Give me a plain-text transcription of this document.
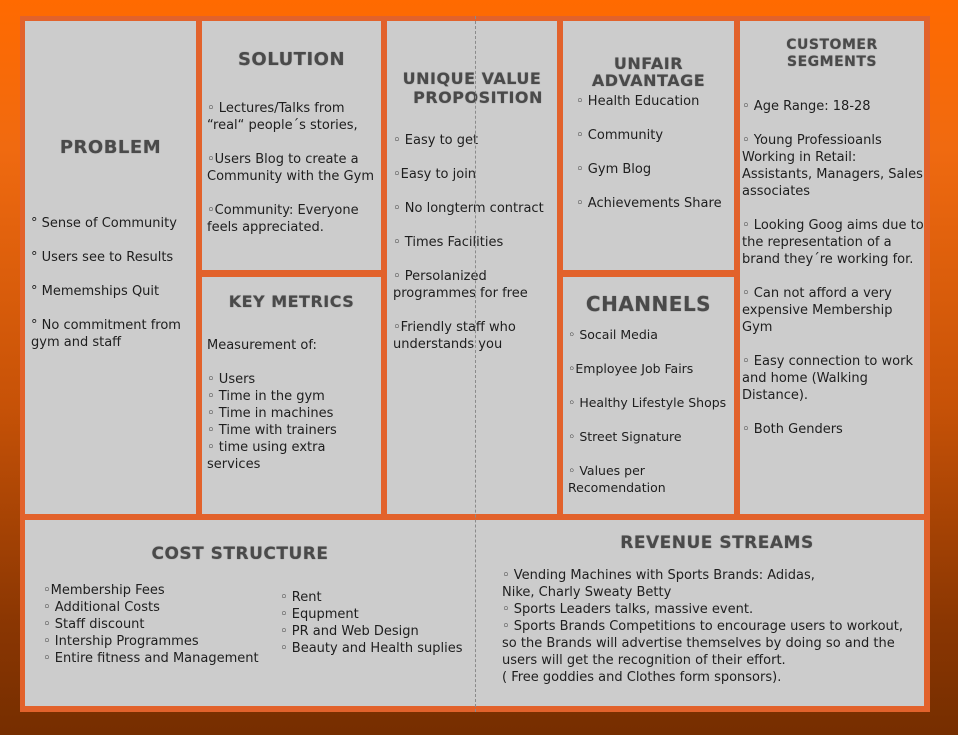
PROBLEM
° Sense of Community
° Users see to Results
° Mememships Quit
° No commitment from gym and staff
SOLUTION
◦ Lectures/Talks from “real“ people´s stories,
◦Users Blog to create a Community with the Gym
◦Community: Everyone feels appreciated.
KEY METRICS
Measurement of:
◦ Users
◦ Time in the gym
◦ Time in machines
◦ Time with trainers
◦ time using extra services
UNIQUE VALUE
PROPOSITION
◦ Easy to get
◦Easy to join
◦ No longterm contract
◦ Times Facilities
◦ Persolanized programmes for free
◦Friendly staff who understands you
UNFAIR ADVANTAGE
◦ Health Education
◦ Community
◦ Gym Blog
◦ Achievements Share
CHANNELS
◦ Socail Media
◦Employee Job Fairs
◦ Healthy Lifestyle Shops
◦ Street Signature
◦ Values per Recomendation
CUSTOMER SEGMENTS
◦ Age Range: 18-28
◦ Young Professioanls Working in Retail: Assistants, Managers, Sales associates
◦ Looking Goog aims due to the representation of a brand they´re working for.
◦ Can not afford a very expensive Membership Gym
◦ Easy connection to work and home (Walking Distance).
◦ Both Genders
COST STRUCTURE
◦Membership Fees
◦ Additional Costs
◦ Staff discount
◦ Intership Programmes
◦ Entire fitness and Management
◦ Rent
◦ Equpment
◦ PR and Web Design
◦ Beauty and Health suplies
REVENUE STREAMS
◦ Vending Machines with Sports Brands: Adidas,
Nike, Charly Sweaty Betty
◦ Sports Leaders talks, massive event.
◦ Sports Brands Competitions to encourage users to workout,
so the Brands will advertise themselves by doing so and the
users will get the recognition of their effort.
( Free goddies and Clothes form sponsors).
